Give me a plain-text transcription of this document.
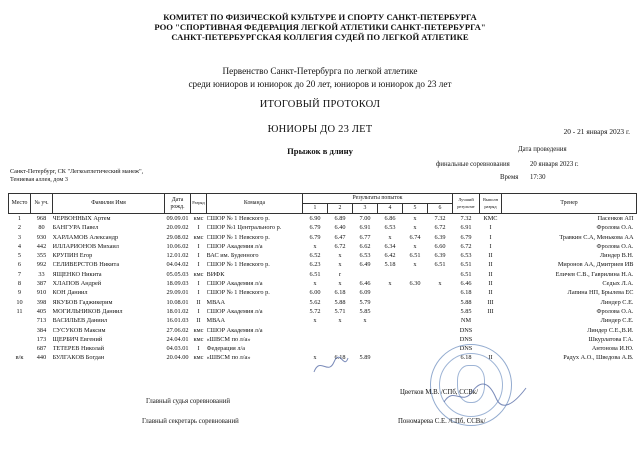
КОМИТЕТ ПО ФИЗИЧЕСКОЙ КУЛЬТУРЕ И СПОРТУ САНКТ-ПЕТЕРБУРГА
РОО "СПОРТИВНАЯ ФЕДЕРАЦИЯ ЛЕГКОЙ АТЛЕТИКИ САНКТ-ПЕТЕРБУРГА"
САНКТ-ПЕТЕРБУРГСКАЯ КОЛЛЕГИЯ СУДЕЙ ПО ЛЕГКОЙ АТЛЕТИКЕ
Первенство Санкт-Петербурга по легкой атлетике
среди юниоров и юниорок до 20 лет, юниоров и юниорок до 23 лет
ИТОГОВЫЙ ПРОТОКОЛ
ЮНИОРЫ ДО 23 ЛЕТ	20 - 21 января 2023 г.
Прыжок в длину	Дата проведения
финальные соревнования	20 января 2023 г.
Время 17:30
Санкт-Петербург, СК "Легкоатлетический манеж",
Тениевая аллея, дом 3
Место	№ уч.	Фамилия Имя	Дата рожд.	Разряд	Команда	Результаты попыток						Лучший результат	Выполн разряд	Тренер
						1	2	3	4	5	6			
1	968	ЧЕРВОННЫХ Артем	09.09.01	кмс	СШОР № 1 Невского р.	6.90	6.89	7.00	6.86	x	7.32	7.32	КМС	Пасенков АП
2	80	БАНГУРА Павел	20.09.02	I	СШОР №1 Центрального р.	6.79	6.40	6.91	6.53	x	6.72	6.91	I	Фролова О.А.
3	930	ХАРЛАМОВ Александр	29.08.02	кмс	СШОР № 1 Невского р.	6.79	6.47	6.77	x	6.74	6.39	6.79	I	Травкин С.А, Менькова АА
4	442	ИЛЛАРИОНОВ Михаил	10.06.02	I	СШОР Академия л/а	x	6.72	6.62	6.34	x	6.60	6.72	I	Фролова О.А.
5	355	КРУПИН Егор	12.01.02	I	ВАС им. Буденного	6.52	x	6.53	6.42	6.51	6.39	6.53	II	Линдер В.Н.
6	992	СЕЛИВЕРСТОВ Никита	04.04.02	I	СШОР № 1 Невского р.	6.23	x	6.49	5.18	x	6.51	6.51	II	Миронов АА, Дмитриев ИВ
7	33	ЯЩЕНКО Никита	05.05.03	кмс	ВИФК	6.51	r					6.51	II	Еличев С.В., Гаврилина Н.А.
8	387	ХЛАПОВ Андрей	18.09.03	I	СШОР Академия л/а	x	x	6.46	x	6.30	x	6.46	II	Седых Л.А.
9	910	КОН Даниил	29.09.01	I	СШОР № 1 Невского р.	6.00	6.18	6.09				6.18	II	Лапина НП, Брылева ЕС
10	398	ЯКУБОВ Гаджикерим	10.08.01	II	МВАА	5.62	5.88	5.79				5.88	III	Линдер С.Е.
11	405	МОГИЛЬНИКОВ Даниил	18.01.02	I	СШОР Академия л/а	5.72	5.71	5.85				5.85	III	Фролова О.А.
	713	ВАСИЛЬЕВ Даниил	16.01.03	II	МВАА	x	x	x				NM		Линдер С.Е.
	384	СУСУКОВ Максим	27.06.02	кмс	СШОР Академия л/а							DNS		Линдер С.Е.,В.И.
	173	ЩЕРБИЧ Евгений	24.04.01	кмс	«ШВСМ по л/а»							DNS		Шкурлатова Г.А.
	687	ТЕТЕРЕВ Николай	04.03.01	I	Федерация л/а							DNS		Антонова И.Ю.
в/к	440	БУЛГАКОВ Богдан	20.04.00	кмс	«ШВСМ по л/а»	x	6.18	5.89				6.18	II	Радух А.О., Шведова А.В.
Главный судья соревнований
Цветков М.В. /СПб, ССВк/
Главный секретарь соревнований	Пономарева С.Е. /СПб, ССВк/
